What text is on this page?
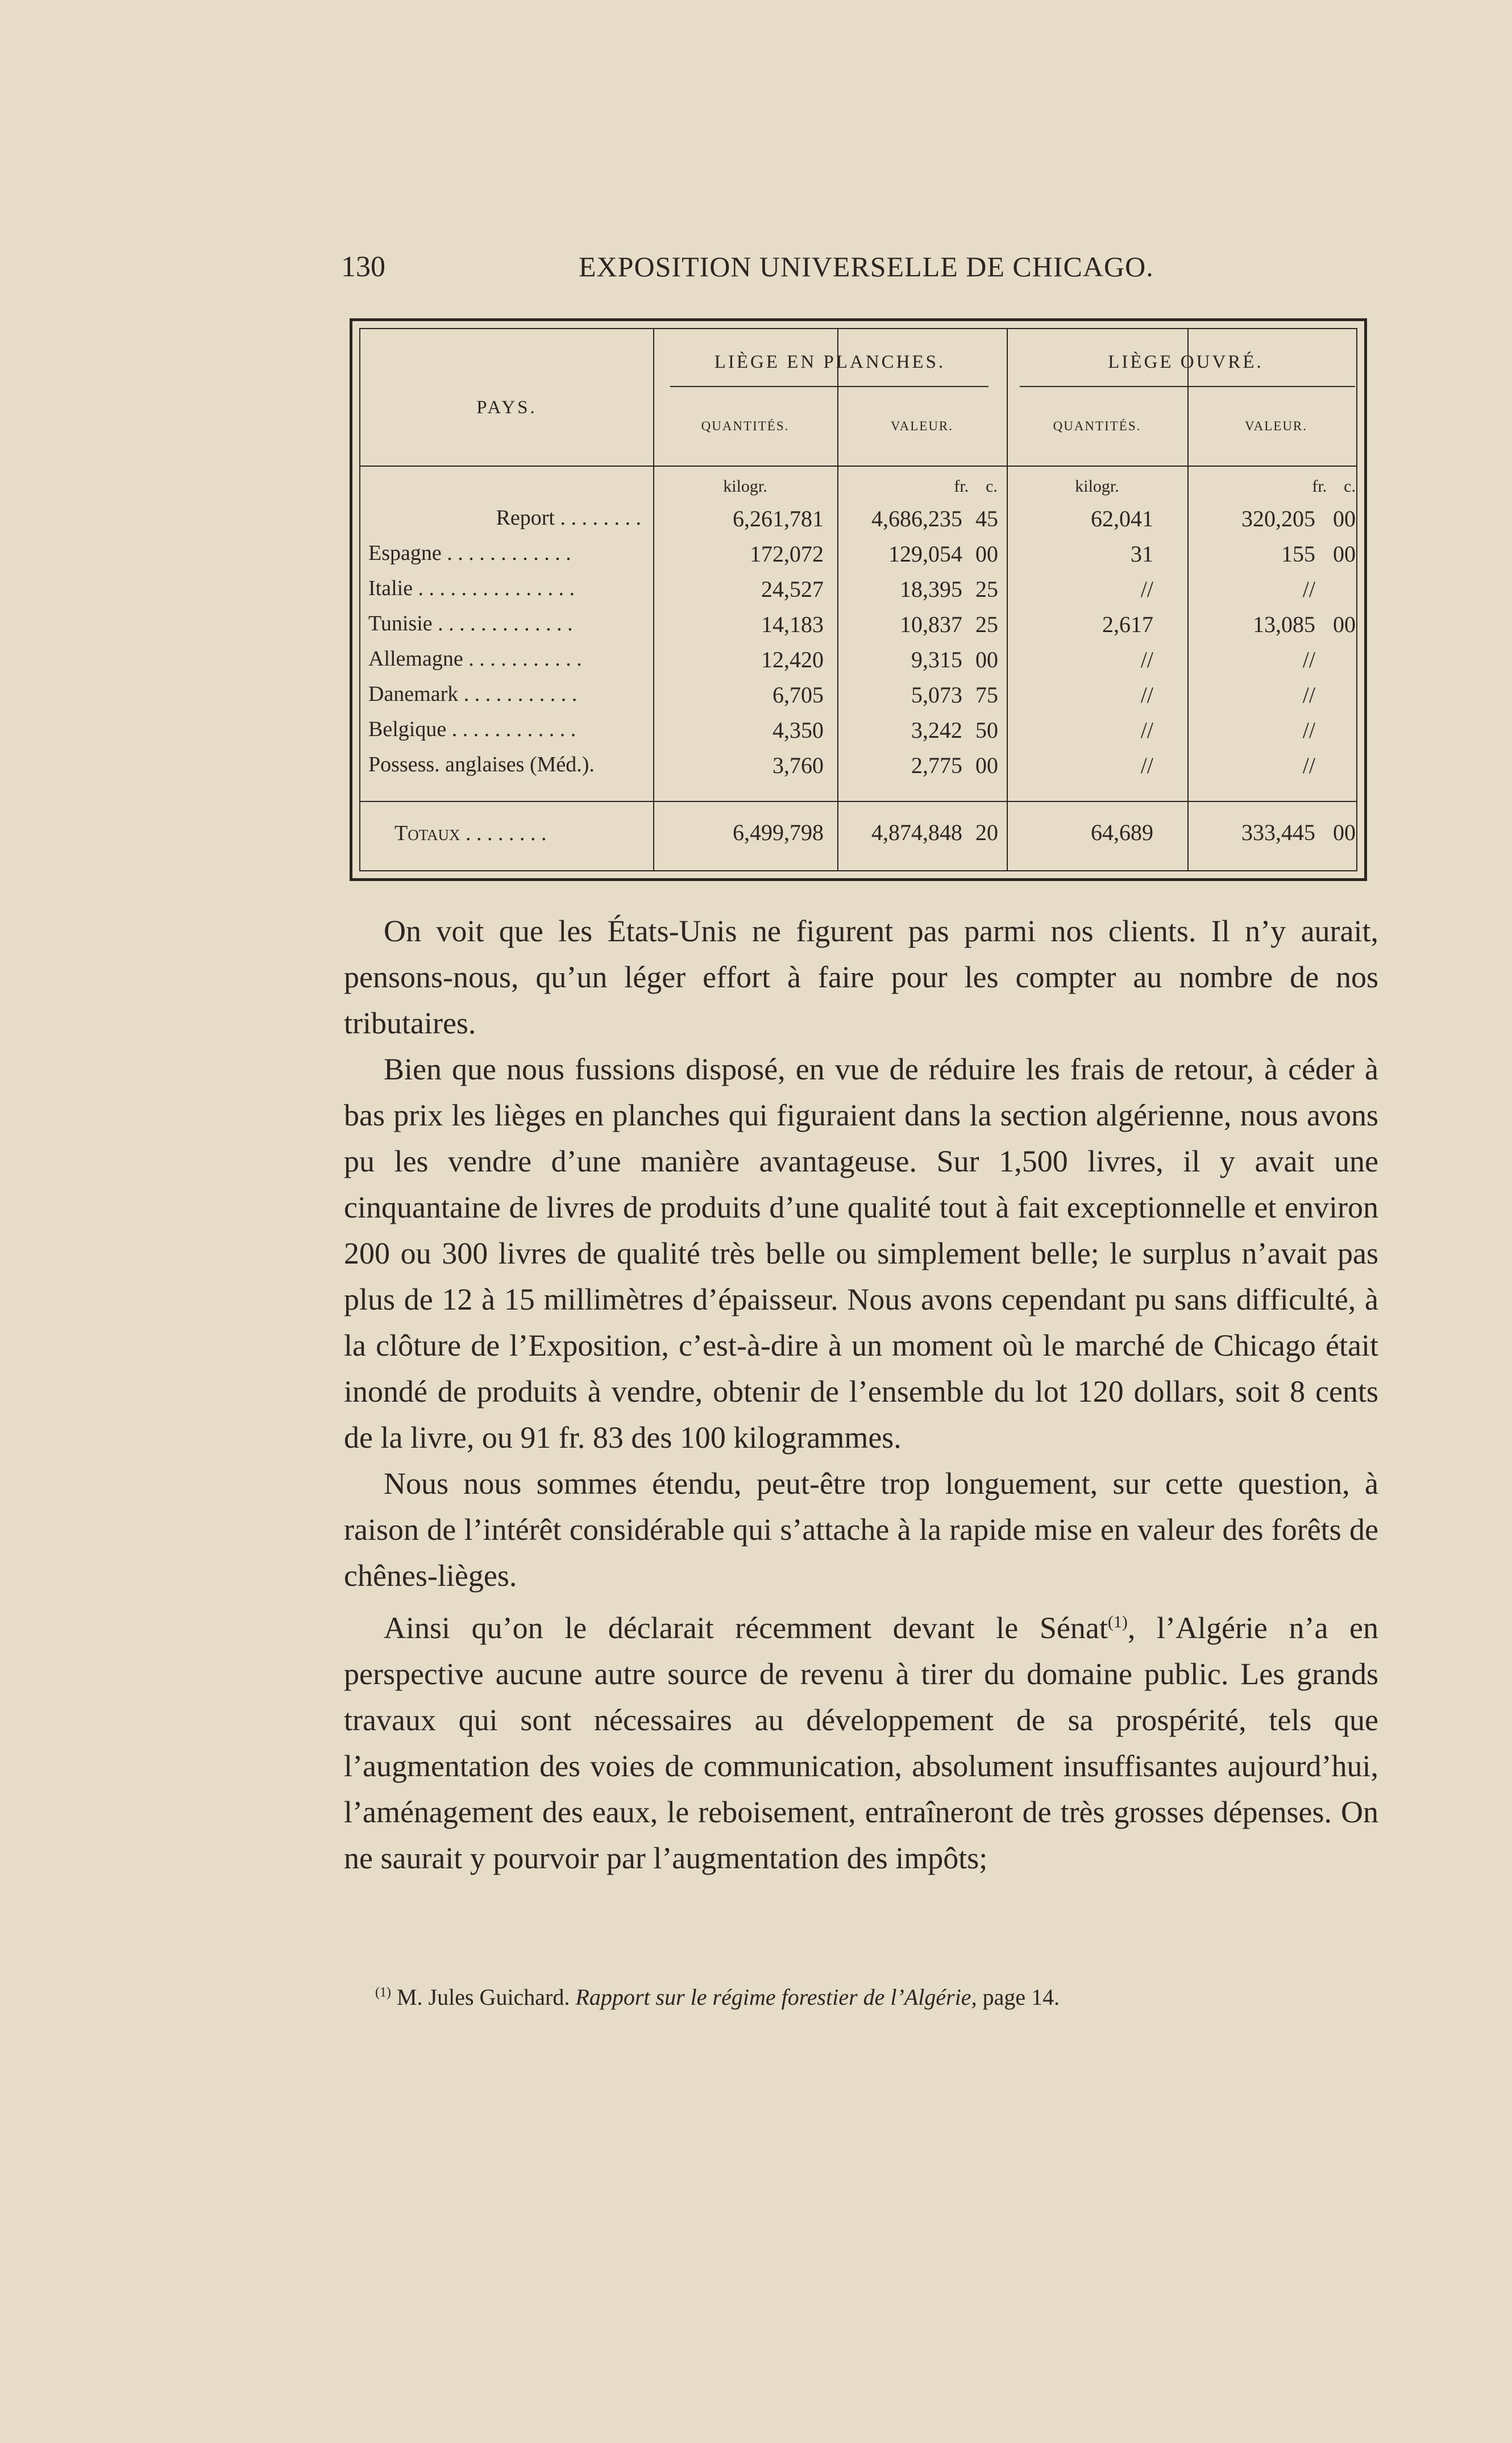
130	EXPOSITION UNIVERSELLE DE CHICAGO.
PAYS.
LIÈGE EN PLANCHES.	LIÈGE OUVRÉ.
QUANTITÉS.	VALEUR.	QUANTITÉS.	VALEUR.
kilogr.	fr.    c.	kilogr.	fr.    c.
Report . . . . . . . .	6,261,781	4,686,235 45	62,041	320,205 00
Espagne . . . . . . . . . . . .	172,072	129,054 00	31	155 00
Italie . . . . . . . . . . . . . . .	24,527	18,395 25	//	//
Tunisie . . . . . . . . . . . . .	14,183	10,837 25	2,617	13,085 00
Allemagne . . . . . . . . . . .	12,420	9,315 00	//	//
Danemark . . . . . . . . . . .	6,705	5,073 75	//	//
Belgique . . . . . . . . . . . .	4,350	3,242 50	//	//
Possess. anglaises (Méd.).	3,760	2,775 00	//	//
Totaux . . . . . . . .	6,499,798	4,874,848 20	64,689	333,445 00

On voit que les États-Unis ne figurent pas parmi nos clients. Il n’y aurait, pensons-nous, qu’un léger effort à faire pour les compter au nombre de nos tributaires.

Bien que nous fussions disposé, en vue de réduire les frais de retour, à céder à bas prix les lièges en planches qui figuraient dans la section algérienne, nous avons pu les vendre d’une manière avantageuse. Sur 1,500 livres, il y avait une cinquantaine de livres de produits d’une qualité tout à fait exceptionnelle et environ 200 ou 300 livres de qualité très belle ou simplement belle; le surplus n’avait pas plus de 12 à 15 millimètres d’épaisseur. Nous avons cependant pu sans difficulté, à la clôture de l’Exposition, c’est-à-dire à un moment où le marché de Chicago était inondé de produits à vendre, obtenir de l’ensemble du lot 120 dollars, soit 8 cents de la livre, ou 91 fr. 83 des 100 kilogrammes.

Nous nous sommes étendu, peut-être trop longuement, sur cette question, à raison de l’intérêt considérable qui s’attache à la rapide mise en valeur des forêts de chênes-lièges.

Ainsi qu’on le déclarait récemment devant le Sénat$^{(1)}$, l’Algérie n’a en perspective aucune autre source de revenu à tirer du domaine public. Les grands travaux qui sont nécessaires au développement de sa prospérité, tels que l’augmentation des voies de communication, absolument insuffisantes aujourd’hui, l’aménagement des eaux, le reboisement, entraîneront de très grosses dépenses. On ne saurait y pourvoir par l’augmentation des impôts;

$^{(1)}$ M. Jules Guichard. Rapport sur le régime forestier de l’Algérie, page 14.
